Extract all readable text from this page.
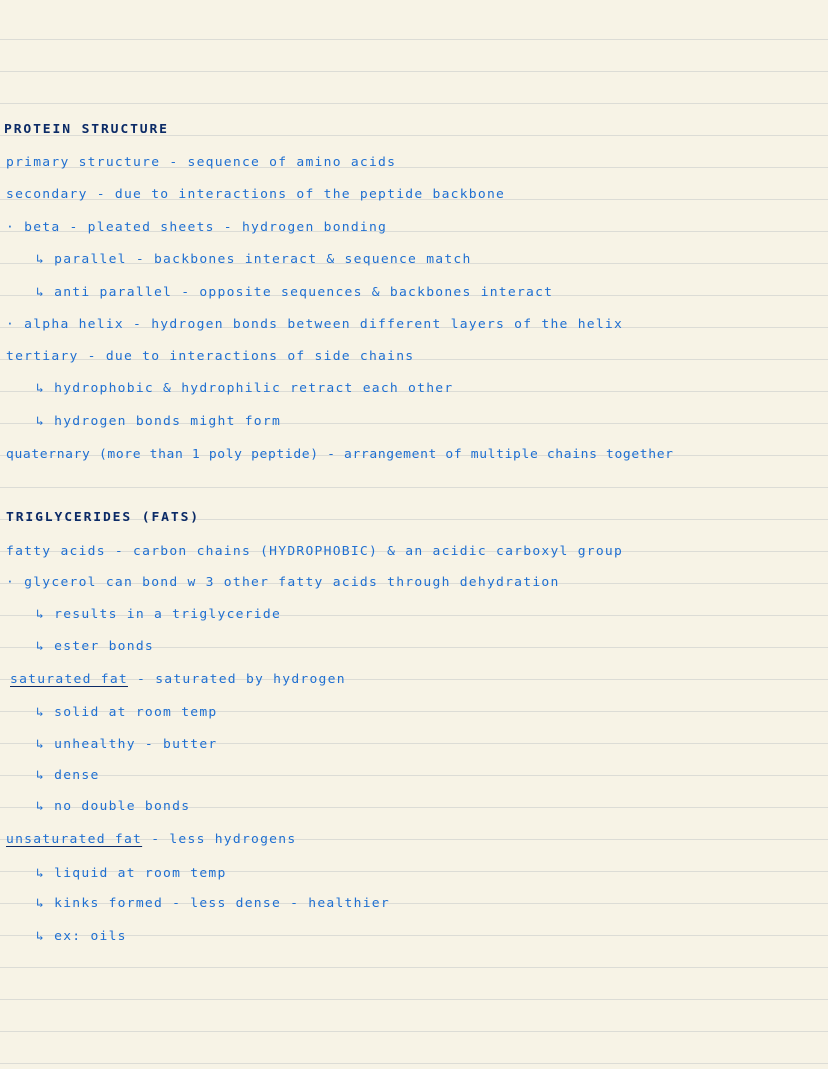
PROTEIN STRUCTURE
primary structure - sequence of amino acids
secondary - due to interactions of the peptide backbone
· beta - pleated sheets - hydrogen bonding
↳ parallel - backbones interact & sequence match
↳ anti parallel - opposite sequences & backbones interact
· alpha helix - hydrogen bonds between different layers of the helix
tertiary - due to interactions of side chains
↳ hydrophobic & hydrophilic retract each other
↳ hydrogen bonds might form
quaternary (more than 1 poly peptide) - arrangement of multiple chains together
TRIGLYCERIDES (FATS)
fatty acids - carbon chains (HYDROPHOBIC) & an acidic carboxyl group
· glycerol can bond w 3 other fatty acids through dehydration
↳ results in a triglyceride
↳ ester bonds
saturated fat - saturated by hydrogen
↳ solid at room temp
↳ unhealthy - butter
↳ dense
↳ no double bonds
unsaturated fat - less hydrogens
↳ liquid at room temp
↳ kinks formed - less dense - healthier
↳ ex: oils
